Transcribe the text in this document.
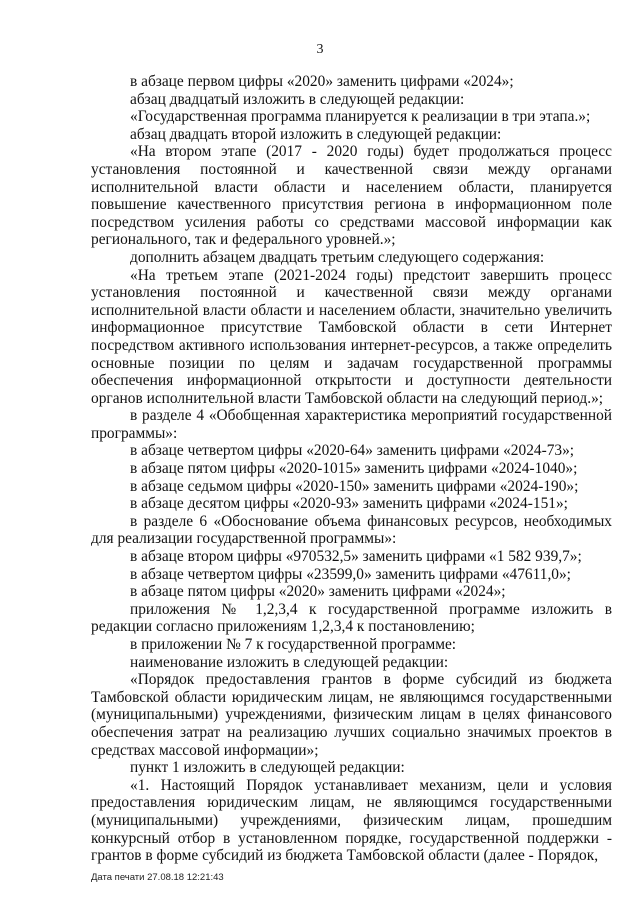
3

в абзаце первом цифры «2020» заменить цифрами «2024»;

абзац двадцатый изложить в следующей редакции:

«Государственная программа планируется к реализации в три этапа.»;

абзац двадцать второй изложить в следующей редакции:

«На втором этапе (2017 - 2020 годы) будет продолжаться процесс установления постоянной и качественной связи между органами исполнительной власти области и населением области, планируется повышение качественного присутствия региона в информационном поле посредством усиления работы со средствами массовой информации как регионального, так и федерального уровней.»;

дополнить абзацем двадцать третьим следующего содержания:

«На третьем этапе (2021-2024 годы) предстоит завершить процесс установления постоянной и качественной связи между органами исполнительной власти области и населением области, значительно увеличить информационное присутствие Тамбовской области в сети Интернет посредством активного использования интернет-ресурсов, а также определить основные позиции по целям и задачам государственной программы обеспечения информационной открытости и доступности деятельности органов исполнительной власти Тамбовской области на следующий период.»;

в разделе 4 «Обобщенная характеристика мероприятий государственной программы»:

в абзаце четвертом цифры «2020-64» заменить цифрами «2024-73»;

в абзаце пятом цифры «2020-1015» заменить цифрами «2024-1040»;

в абзаце седьмом цифры «2020-150» заменить цифрами «2024-190»;

в абзаце десятом цифры «2020-93» заменить цифрами «2024-151»;

в разделе 6 «Обоснование объема финансовых ресурсов, необходимых для реализации государственной программы»:

в абзаце втором цифры «970532,5» заменить цифрами «1 582 939,7»;

в абзаце четвертом цифры «23599,0» заменить цифрами «47611,0»;

в абзаце пятом цифры «2020» заменить цифрами «2024»;

приложения № 1,2,3,4 к государственной программе изложить в редакции согласно приложениям 1,2,3,4 к постановлению;

в приложении № 7 к государственной программе:

наименование изложить в следующей редакции:

«Порядок предоставления грантов в форме субсидий из бюджета Тамбовской области юридическим лицам, не являющимся государственными (муниципальными) учреждениями, физическим лицам в целях финансового обеспечения затрат на реализацию лучших социально значимых проектов в средствах массовой информации»;

пункт 1 изложить в следующей редакции:

«1. Настоящий Порядок устанавливает механизм, цели и условия предоставления юридическим лицам, не являющимся государственными (муниципальными) учреждениями, физическим лицам, прошедшим конкурсный отбор в установленном порядке, государственной поддержки - грантов в форме субсидий из бюджета Тамбовской области (далее - Порядок,

Дата печати 27.08.18 12:21:43
